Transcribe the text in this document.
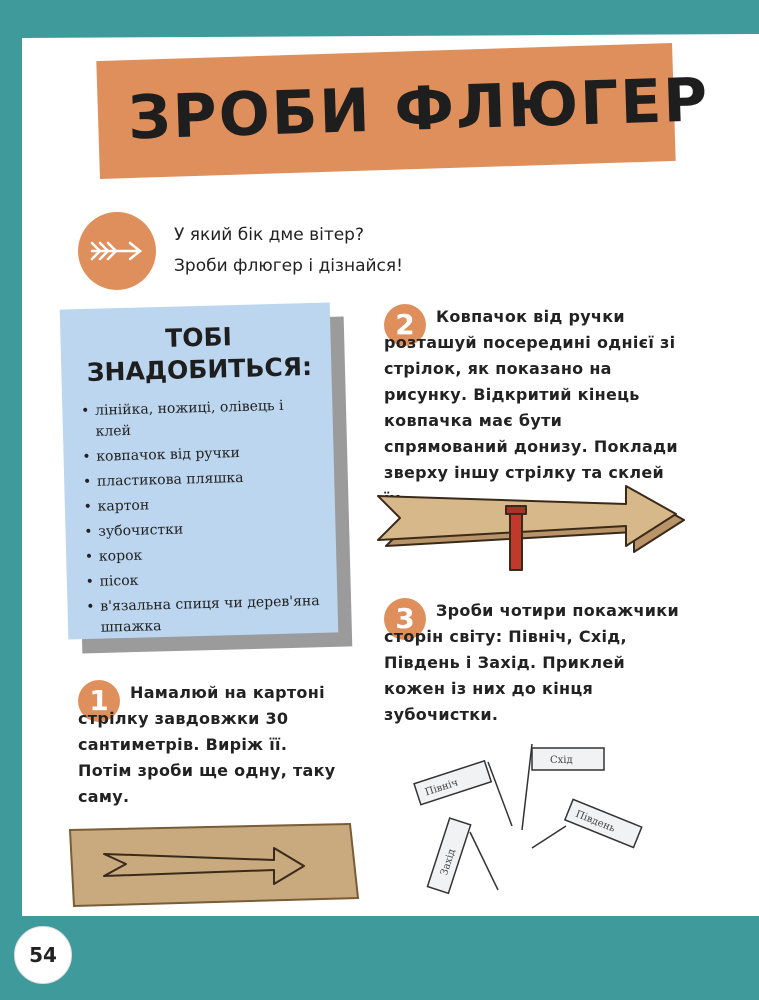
ЗРОБИ ФЛЮГЕР
У який бік дме вітер?
Зроби флюгер і дізнайся!
ТОБІ
ЗНАДОБИТЬСЯ:
• лінійка, ножиці, олівець і клей
• ковпачок від ручки
• пластикова пляшка
• картон
• зубочистки
• корок
• пісок
• в'язальна спиця чи дерев'яна шпажка
1	Намалюй на картоні стрілку завдовжки 30 сантиметрів. Виріж її. Потім зроби ще одну, таку саму.
2	Ковпачок від ручки розташуй посередині однієї зі стрілок, як показано на рисунку. Відкритий кінець ковпачка має бути спрямований донизу. Поклади зверху іншу стрілку та склей
3	Зроби чотири покажчики сторін світу: Північ, Схід, Південь і Захід. Приклей кожен із них до кінця зубочистки.
Північ
Схід
Південь
Захід
54
